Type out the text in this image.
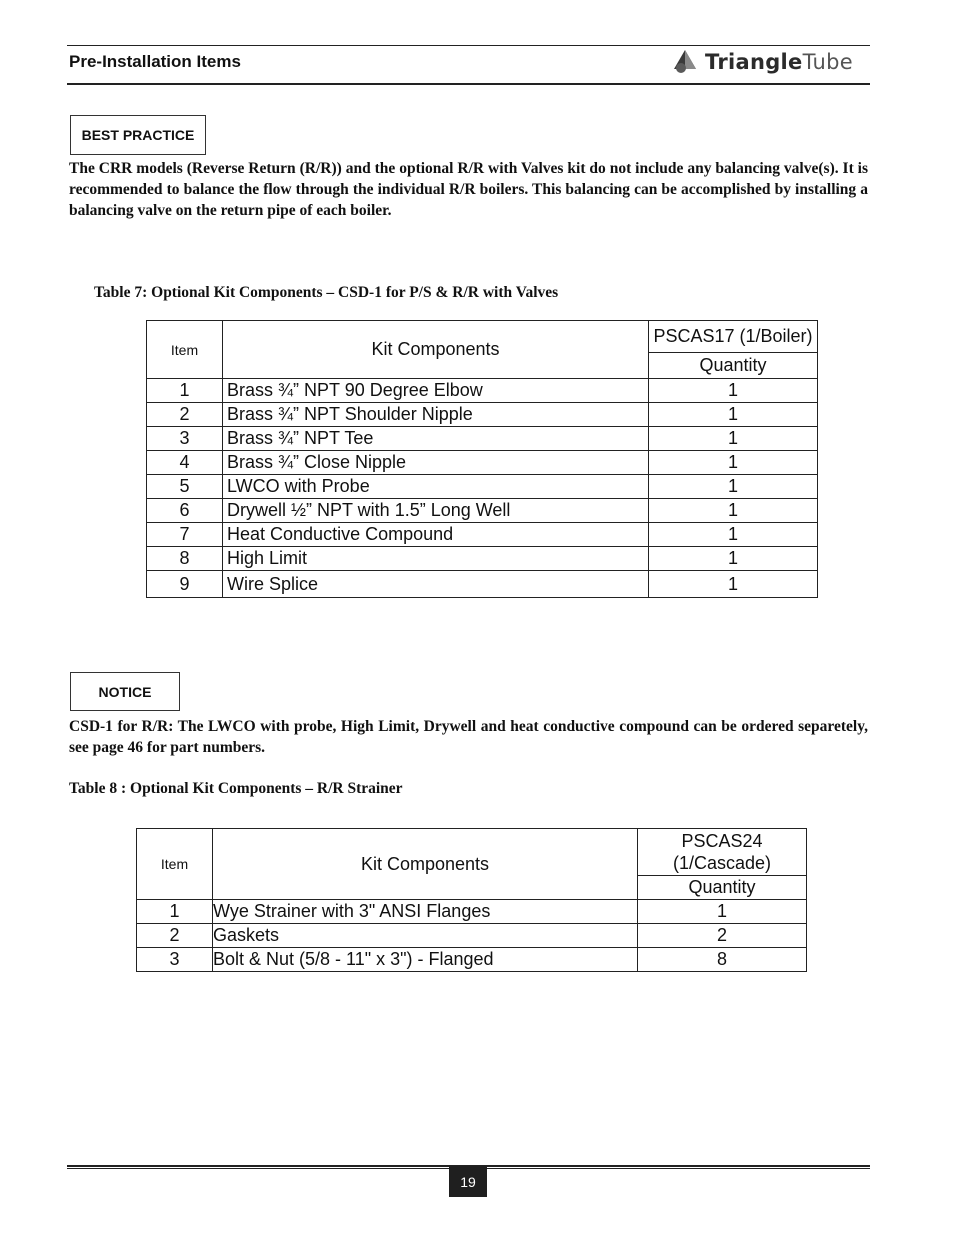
Pre-Installation Items	TriangleTube
BEST PRACTICE
The CRR models (Reverse Return (R/R)) and the optional R/R with Valves kit do not include any balancing valve(s). It is recommended to balance the flow through the individual R/R boilers. This balancing can be accomplished by installing a balancing valve on the return pipe of each boiler.
Table 7: Optional Kit Components – CSD-1 for P/S & R/R with Valves
Item	Kit Components	PSCAS17 (1/Boiler)
		Quantity
1	Brass ¾” NPT 90 Degree Elbow	1
2	Brass ¾” NPT Shoulder Nipple	1
3	Brass ¾” NPT Tee	1
4	Brass ¾” Close Nipple	1
5	LWCO with Probe	1
6	Drywell ½” NPT with 1.5” Long Well	1
7	Heat Conductive Compound	1
8	High Limit	1
9	Wire Splice	1
NOTICE
CSD-1 for R/R: The LWCO with probe, High Limit, Drywell and heat conductive compound can be ordered separetely, see page 46 for part numbers.
Table 8 : Optional Kit Components – R/R Strainer
Item	Kit Components	PSCAS24
(1/Cascade)

		Quantity
1	Wye Strainer with 3" ANSI Flanges	1
2	Gaskets	2
3	Bolt & Nut (5/8 - 11" x 3") - Flanged	8
19
